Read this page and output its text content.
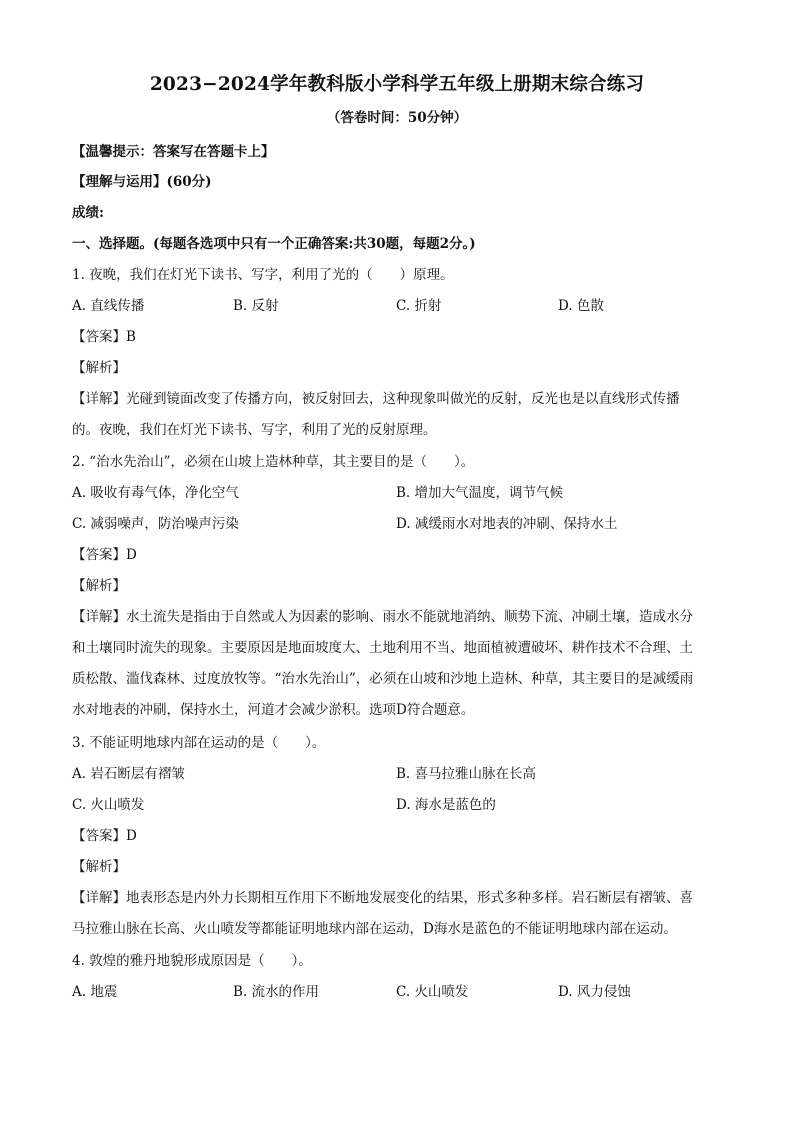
2023−2024学年教科版小学科学五年级上册期末综合练习
（答卷时间：50分钟）
【温馨提示：答案写在答题卡上】
【理解与运用】(60分)
成绩:
一、选择题。(每题各选项中只有一个正确答案:共30题，每题2分。)
1. 夜晚，我们在灯光下读书、写字，利用了光的（　　）原理。
A. 直线传播	B. 反射	C. 折射	D. 色散
【答案】B
【解析】
【详解】光碰到镜面改变了传播方向，被反射回去，这种现象叫做光的反射，反光也是以直线形式传播
的。夜晚，我们在灯光下读书、写字，利用了光的反射原理。
2. “治水先治山”，必须在山坡上造林种草，其主要目的是（　　）。
A. 吸收有毒气体，净化空气	B. 增加大气温度，调节气候
C. 减弱噪声，防治噪声污染	D. 减缓雨水对地表的冲刷、保持水土
【答案】D
【解析】
【详解】水土流失是指由于自然或人为因素的影响、雨水不能就地消纳、顺势下流、冲刷土壤，造成水分
和土壤同时流失的现象。主要原因是地面坡度大、土地利用不当、地面植被遭破坏、耕作技术不合理、土
质松散、滥伐森林、过度放牧等。“治水先治山”，必须在山坡和沙地上造林、种草，其主要目的是减缓雨
水对地表的冲刷，保持水土，河道才会减少淤积。选项D符合题意。
3. 不能证明地球内部在运动的是（　　）。
A. 岩石断层有褶皱	B. 喜马拉雅山脉在长高
C. 火山喷发	D. 海水是蓝色的
【答案】D
【解析】
【详解】地表形态是内外力长期相互作用下不断地发展变化的结果，形式多种多样。岩石断层有褶皱、喜
马拉雅山脉在长高、火山喷发等都能证明地球内部在运动，D海水是蓝色的不能证明地球内部在运动。
4. 敦煌的雅丹地貌形成原因是（　　）。
A. 地震	B. 流水的作用	C. 火山喷发	D. 风力侵蚀
